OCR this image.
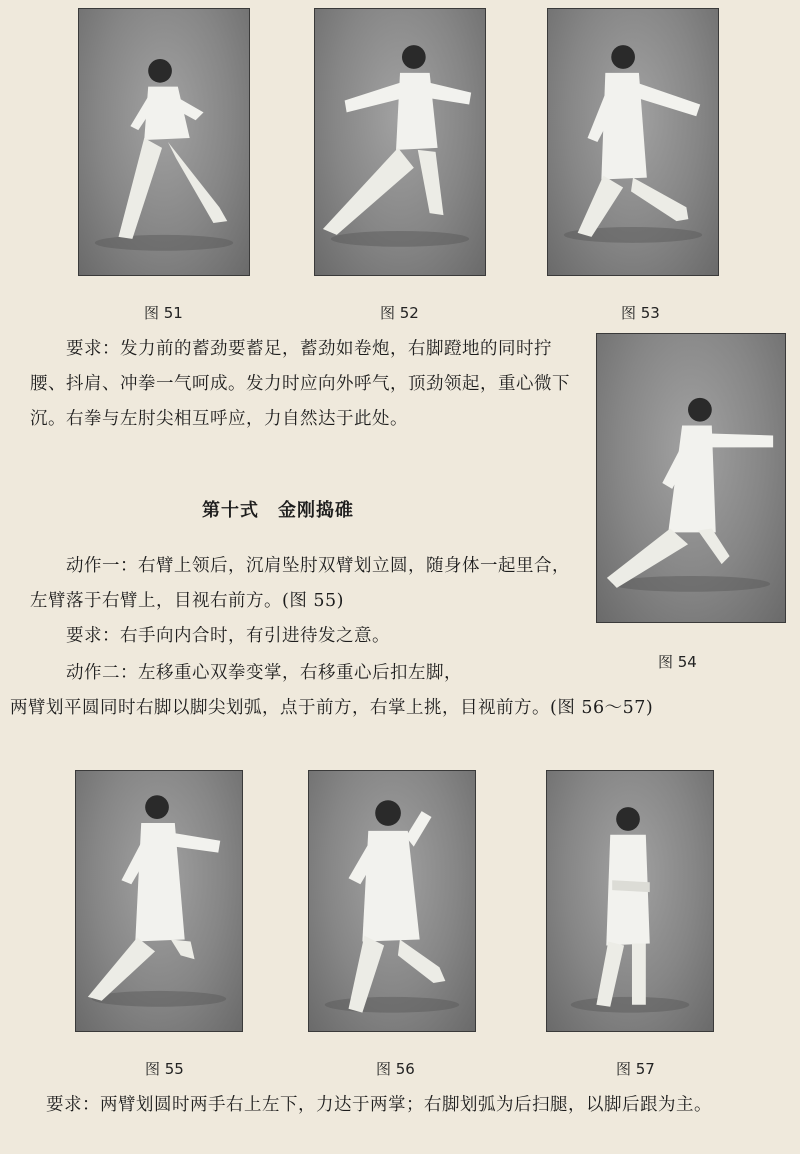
图 51	图 52	图 53

要求：发力前的蓄劲要蓄足，蓄劲如卷炮，右脚蹬地的同时拧腰、抖肩、冲拳一气呵成。发力时应向外呼气，顶劲领起，重心微下沉。右拳与左肘尖相互呼应，力自然达于此处。

第十式　金刚捣碓

动作一：右臂上领后，沉肩坠肘双臂划立圆，随身体一起里合，左臂落于右臂上，目视右前方。(图 55)

要求：右手向内合时，有引进待发之意。

图 54

动作二：左移重心双拳变掌，右移重心后扣左脚，

图 55	图 56	图 57

要求：两臂划圆时两手右上左下，力达于两掌；右脚划弧为后扫腿，以脚后跟为主。

两臂划平圆同时右脚以脚尖划弧，点于前方，右掌上挑，目视前方。(图 56～57)
